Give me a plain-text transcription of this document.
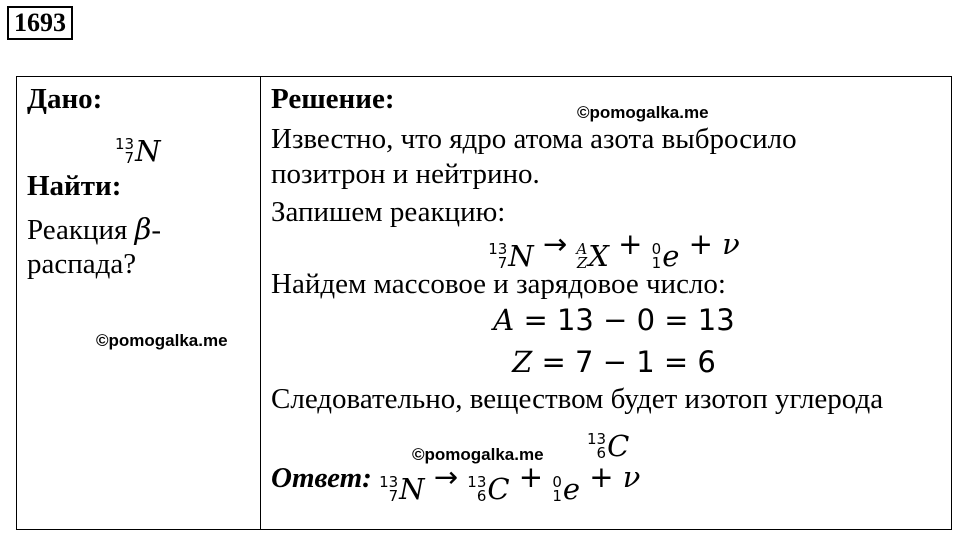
1693
Дано:
13
7 N
Найти:
Реакция β-
распада?
©pomogalka.me
Решение:	©pomogalka.me
Известно, что ядро атома азота выбросило
позитрон и нейтрино.
Запишем реакцию:
13
7 N → A
Z X + 0
1 e + ν
Найдем массовое и зарядовое число:
A = 13 − 0 = 13
Z = 7 − 1 = 6
Следовательно, веществом будет изотоп углерода
13
6 C
©pomogalka.me
Ответ: 13
7 N → 13
6 C + 0
1 e + ν
